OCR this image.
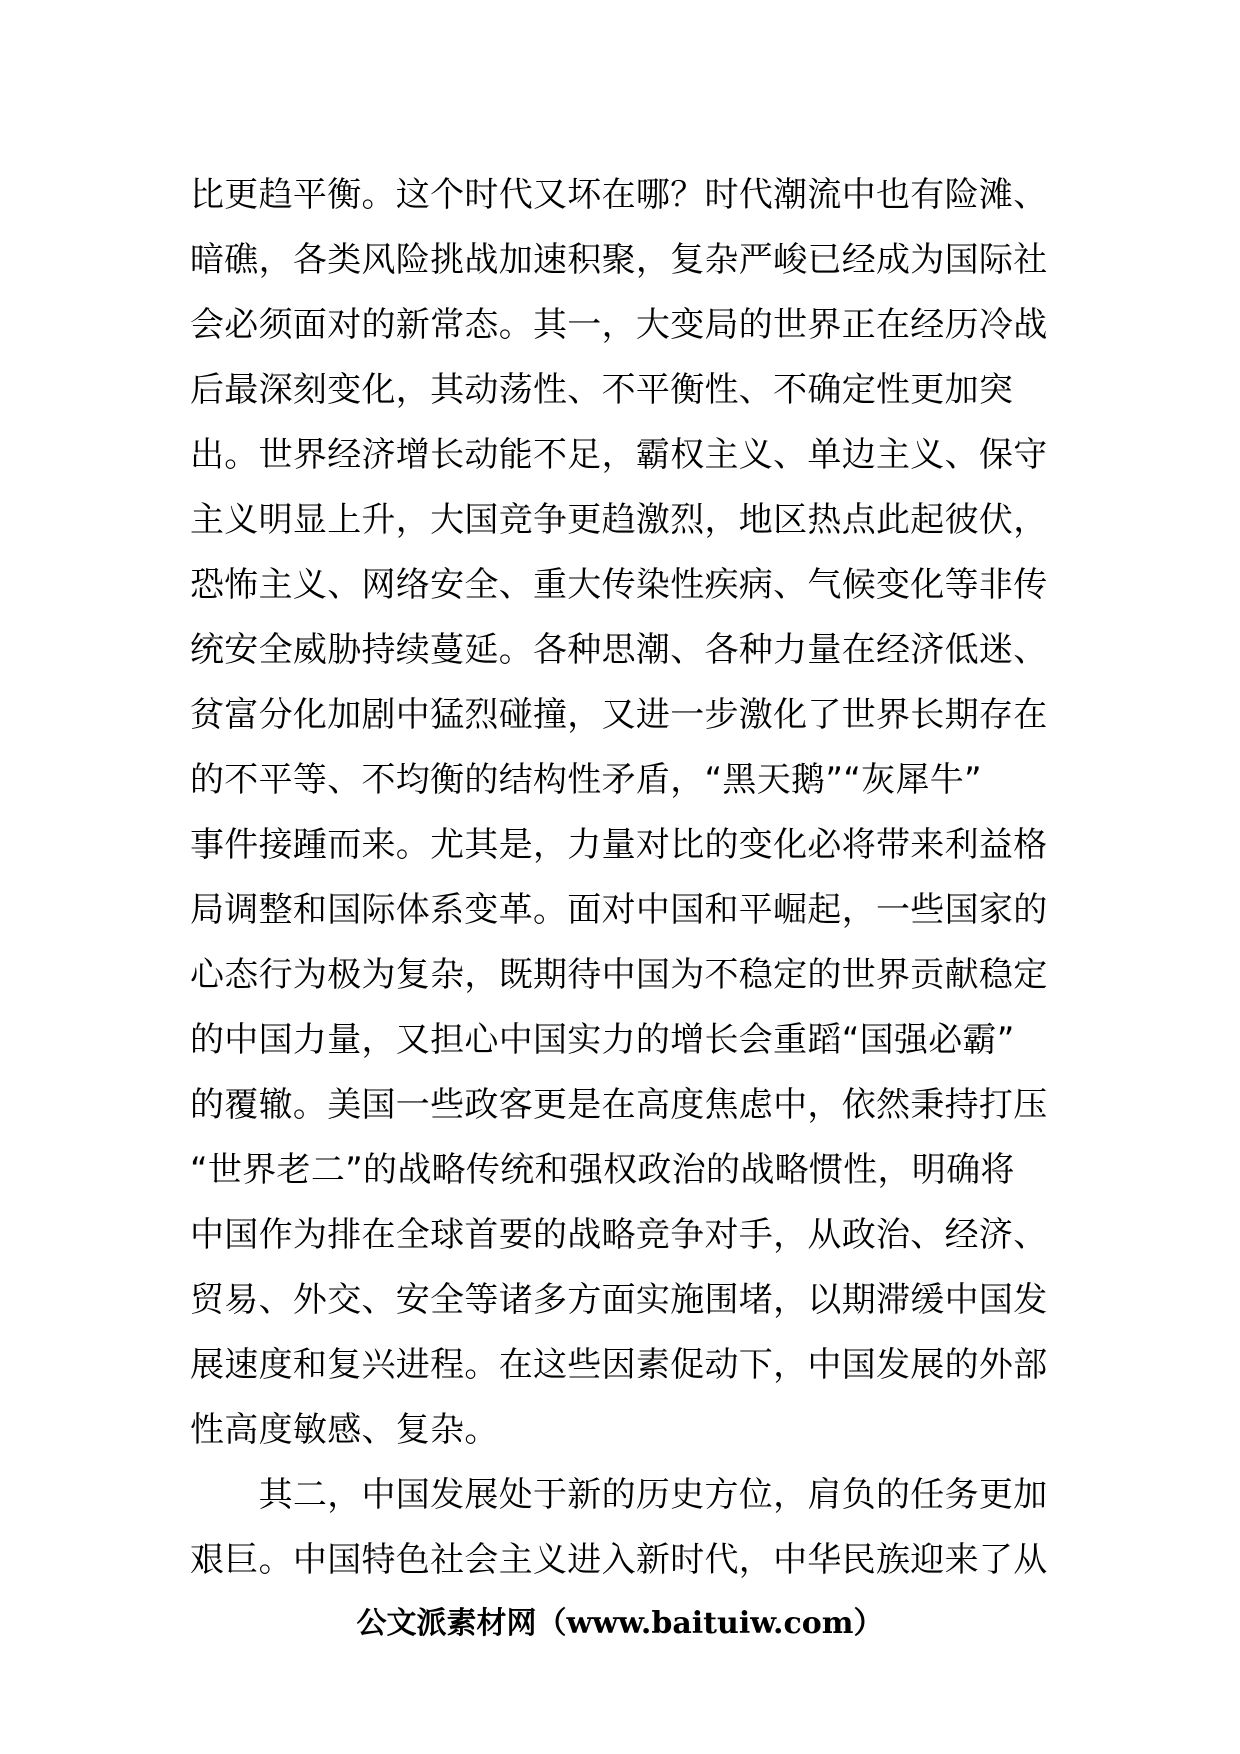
比更趋平衡。这个时代又坏在哪？时代潮流中也有险滩、
暗礁，各类风险挑战加速积聚，复杂严峻已经成为国际社
会必须面对的新常态。其一，大变局的世界正在经历冷战
后最深刻变化，其动荡性、不平衡性、不确定性更加突
出。世界经济增长动能不足，霸权主义、单边主义、保守
主义明显上升，大国竞争更趋激烈，地区热点此起彼伏，
恐怖主义、网络安全、重大传染性疾病、气候变化等非传
统安全威胁持续蔓延。各种思潮、各种力量在经济低迷、
贫富分化加剧中猛烈碰撞，又进一步激化了世界长期存在
的不平等、不均衡的结构性矛盾，“黑天鹅”“灰犀牛”
事件接踵而来。尤其是，力量对比的变化必将带来利益格
局调整和国际体系变革。面对中国和平崛起，一些国家的
心态行为极为复杂，既期待中国为不稳定的世界贡献稳定
的中国力量，又担心中国实力的增长会重蹈“国强必霸”
的覆辙。美国一些政客更是在高度焦虑中，依然秉持打压
“世界老二”的战略传统和强权政治的战略惯性，明确将
中国作为排在全球首要的战略竞争对手，从政治、经济、
贸易、外交、安全等诸多方面实施围堵，以期滞缓中国发
展速度和复兴进程。在这些因素促动下，中国发展的外部
性高度敏感、复杂。
　　其二，中国发展处于新的历史方位，肩负的任务更加
艰巨。中国特色社会主义进入新时代，中华民族迎来了从
公文派素材网（www.baituiw.com）
